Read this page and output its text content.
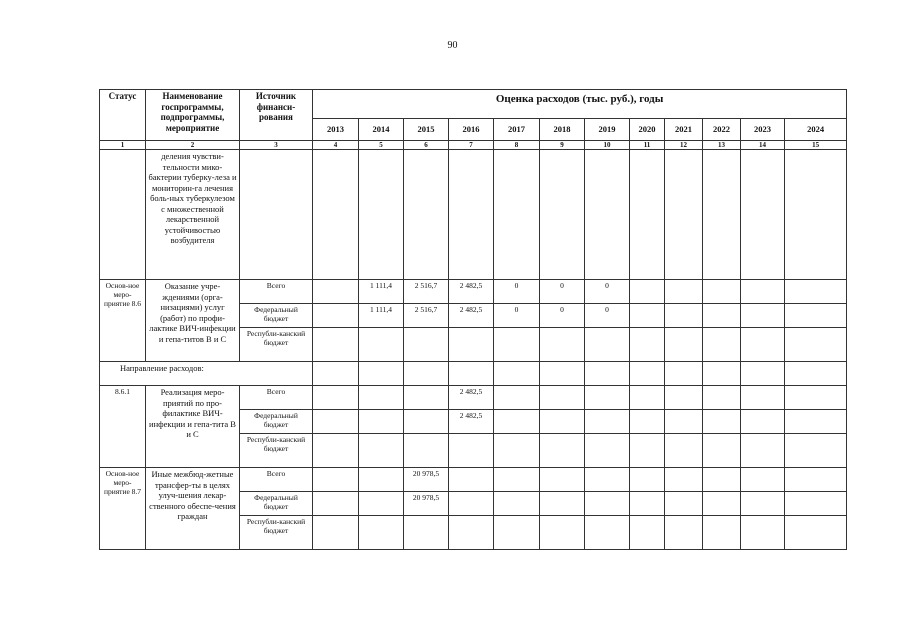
90
Статус	Наименование госпрограммы, подпрограммы, мероприятие	Источник финанси-рования	Оценка расходов (тыс. руб.), годы											
			2013	2014	2015	2016	2017	2018	2019	2020	2021	2022	2023	2024
1	2	3	4	5	6	7	8	9	10	11	12	13	14	15
	деления чувстви-тельности мико-бактерии туберку-леза и мониторин-га лечения боль-ных туберкулезом с множественной лекарственной устойчивостью возбудителя													
Основ-ное меро-приятие 8.6	Оказание учре-ждениями (орга-низациями) услуг (работ) по профи-лактике ВИЧ-инфекции и гепа-титов В и С	Всего		1 111,4	2 516,7	2 482,5	0	0	0					
		Федеральный бюджет		1 111,4	2 516,7	2 482,5	0	0	0					
		Республи-канский бюджет												
Направление расходов:														
8.6.1	Реализация меро-приятий по про-филактике ВИЧ-инфекции и гепа-тита В и С	Всего				2 482,5								
		Федеральный бюджет				2 482,5								
		Республи-канский бюджет												
Основ-ное меро-приятие 8.7	Иные межбюд-жетные трансфер-ты в целях улуч-шения лекар-ственного обеспе-чения граждан	Всего			20 978,5									
		Федеральный бюджет			20 978,5									
		Республи-канский бюджет												
